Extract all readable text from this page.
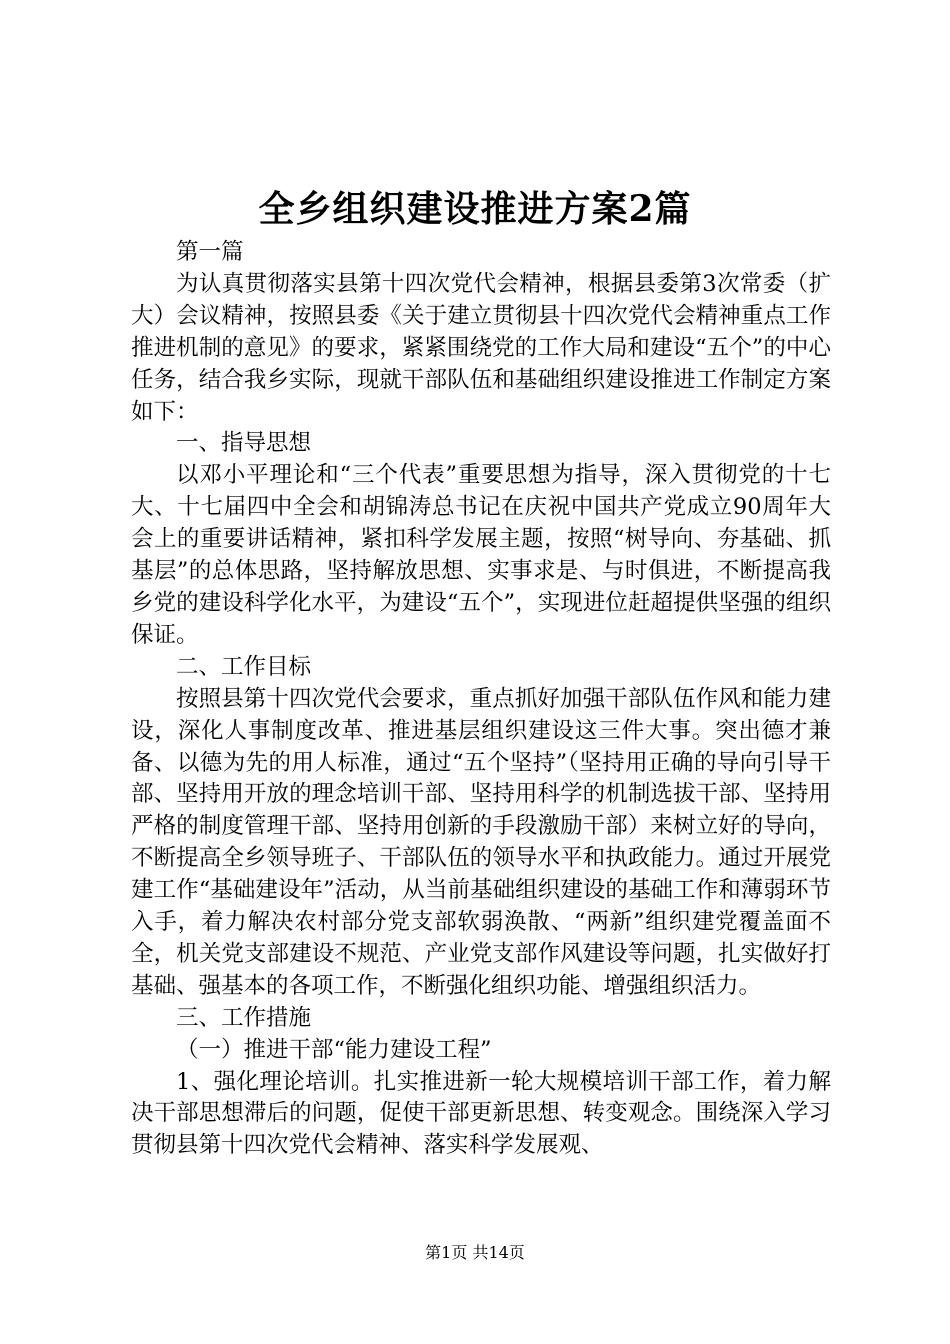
全乡组织建设推进方案2篇

第一篇

为认真贯彻落实县第十四次党代会精神，根据县委第3次常委（扩大）会议精神，按照县委《关于建立贯彻县十四次党代会精神重点工作推进机制的意见》的要求，紧紧围绕党的工作大局和建设“五个”的中心任务，结合我乡实际，现就干部队伍和基础组织建设推进工作制定方案如下：

一、指导思想

以邓小平理论和“三个代表”重要思想为指导，深入贯彻党的十七大、十七届四中全会和胡锦涛总书记在庆祝中国共产党成立90周年大会上的重要讲话精神，紧扣科学发展主题，按照“树导向、夯基础、抓基层”的总体思路，坚持解放思想、实事求是、与时俱进，不断提高我乡党的建设科学化水平，为建设“五个”，实现进位赶超提供坚强的组织保证。

二、工作目标

按照县第十四次党代会要求，重点抓好加强干部队伍作风和能力建设，深化人事制度改革、推进基层组织建设这三件大事。突出德才兼备、以德为先的用人标准，通过“五个坚持”（坚持用正确的导向引导干部、坚持用开放的理念培训干部、坚持用科学的机制选拔干部、坚持用严格的制度管理干部、坚持用创新的手段激励干部）来树立好的导向，不断提高全乡领导班子、干部队伍的领导水平和执政能力。通过开展党建工作“基础建设年”活动，从当前基础组织建设的基础工作和薄弱环节入手，着力解决农村部分党支部软弱涣散、“两新”组织建党覆盖面不全，机关党支部建设不规范、产业党支部作风建设等问题，扎实做好打基础、强基本的各项工作，不断强化组织功能、增强组织活力。

三、工作措施

（一）推进干部“能力建设工程”

1、强化理论培训。扎实推进新一轮大规模培训干部工作，着力解决干部思想滞后的问题，促使干部更新思想、转变观念。围绕深入学习贯彻县第十四次党代会精神、落实科学发展观、

第1页 共14页
